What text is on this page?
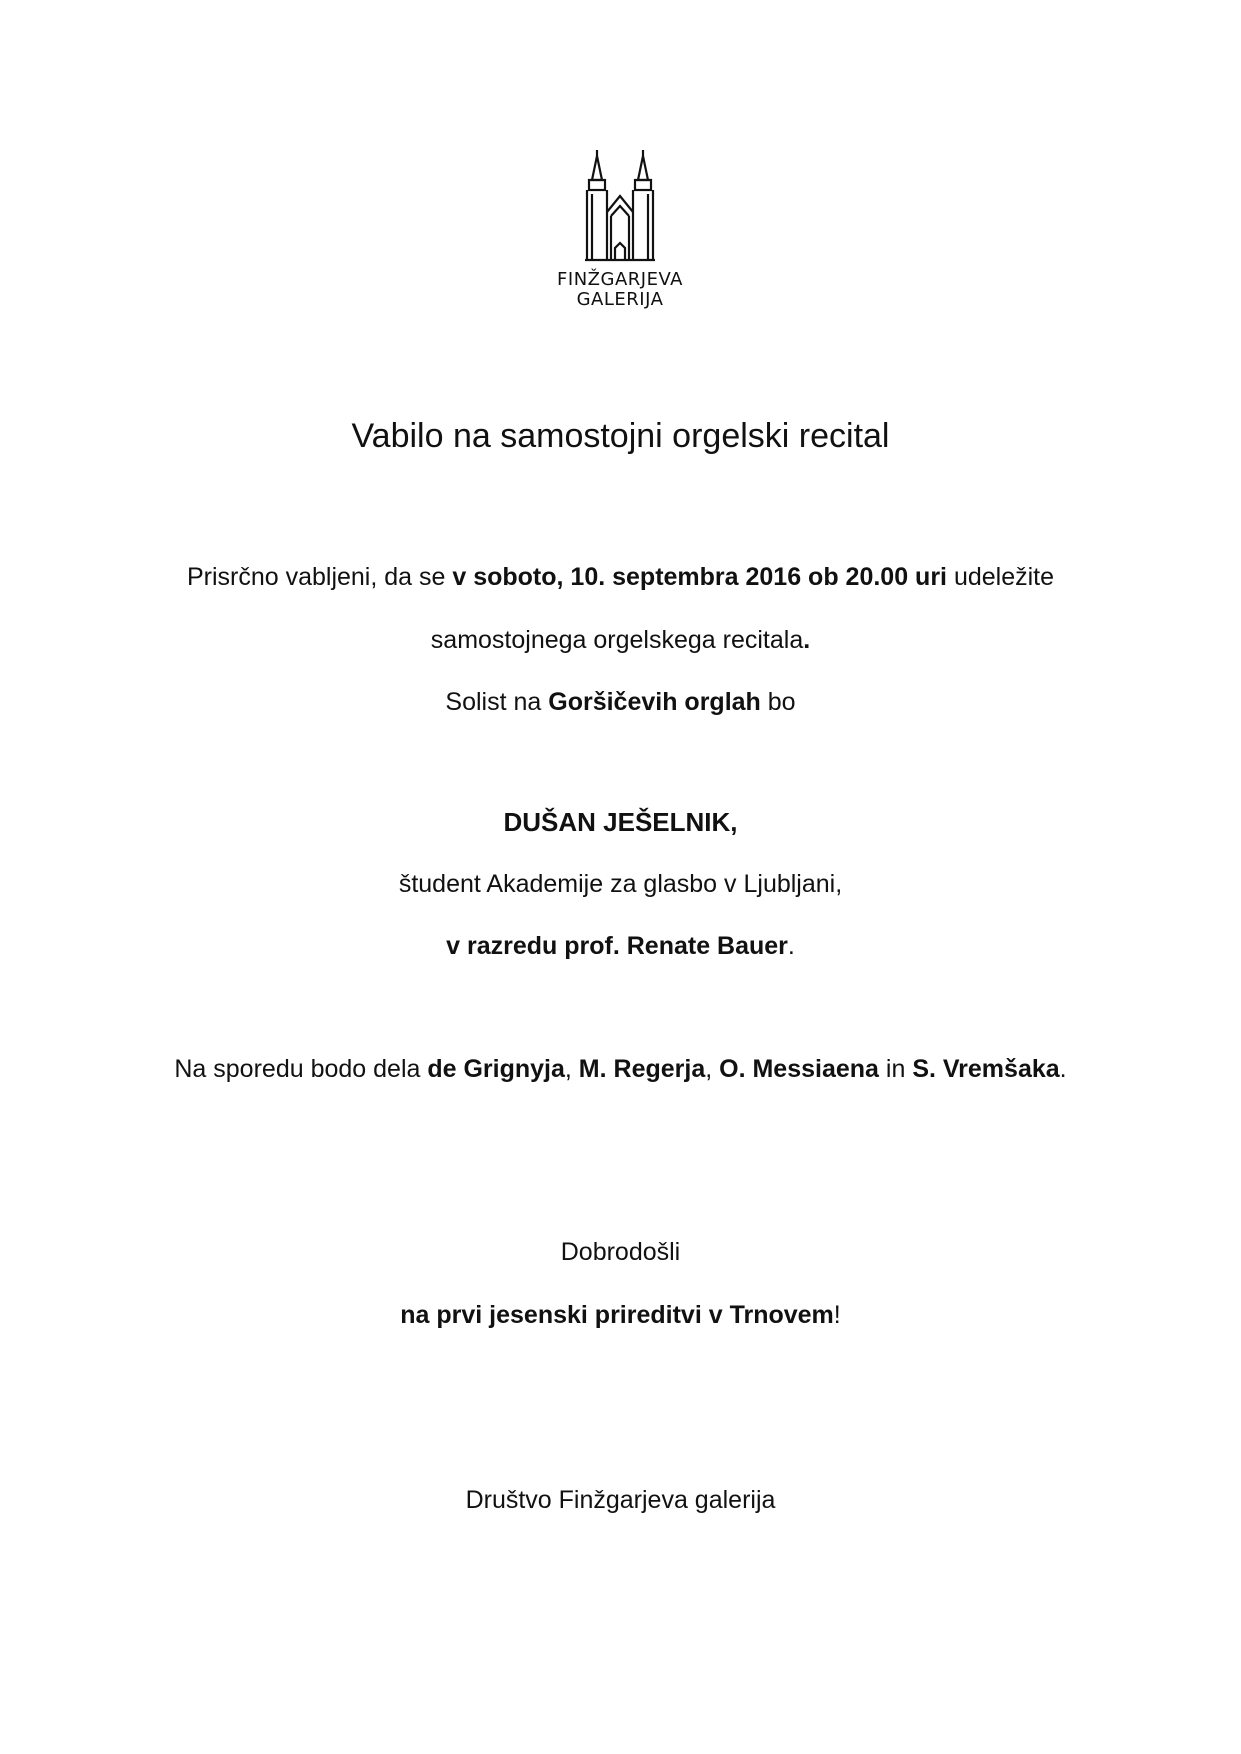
FINŽGARJEVA
GALERIJA
Vabilo na samostojni orgelski recital
Prisrčno vabljeni, da se v soboto, 10. septembra 2016 ob 20.00 uri udeležite
samostojnega orgelskega recitala.
Solist na Goršičevih orglah bo
DUŠAN JEŠELNIK,
študent Akademije za glasbo v Ljubljani,
v razredu prof. Renate Bauer.
Na sporedu bodo dela de Grignyja, M. Regerja, O. Messiaena in S. Vremšaka.
Dobrodošli
na prvi jesenski prireditvi v Trnovem!
Društvo Finžgarjeva galerija
